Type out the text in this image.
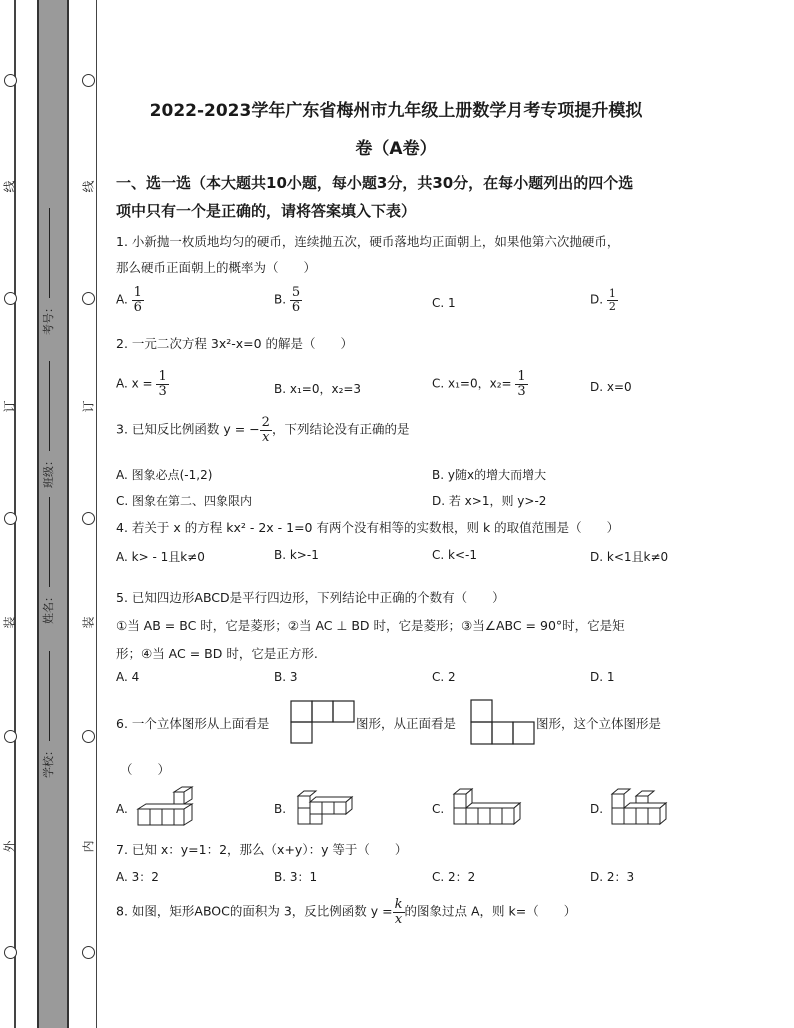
线
订
装
外
线
订
装
内
考号：
班级：
姓名：
学校：
2022-2023学年广东省梅州市九年级上册数学月考专项提升模拟
卷（A卷）
一、选一选（本大题共10小题，每小题3分，共30分，在每小题列出的四个选
项中只有一个是正确的，请将答案填入下表）
1. 小新抛一枚质地均匀的硬币，连续抛五次，硬币落地均正面朝上，如果他第六次抛硬币，
那么硬币正面朝上的概率为（　　）
A. $\frac{1}{6}$	B. $\frac{5}{6}$	C. 1	D. $\frac{1}{2}$
2. 一元二次方程 3x²-x=0 的解是（　　）
A. $x = \frac{1}{3}$	B. x₁=0，x₂=3	C. x₁=0，$x_2= \frac{1}{3}$	D. x=0
3. 已知反比例函数 y = − $\frac{2}{x}$ ，下列结论没有正确的是
A. 图象必点(-1,2)	B. y随x的增大而增大
C. 图象在第二、四象限内	D. 若 x>1，则 y>-2
4. 若关于 x 的方程 kx² - 2x - 1=0 有两个没有相等的实数根，则 k 的取值范围是（　　）
A. k> - 1且k≠0	B. k>-1	C. k<-1	D. k<1且k≠0
5. 已知四边形ABCD是平行四边形，下列结论中正确的个数有（　　）
①当 AB = BC 时，它是菱形；②当 AC ⊥ BD 时，它是菱形；③当∠ABC = 90°时，它是矩
形；④当 AC = BD 时，它是正方形.
A. 4	B. 3	C. 2	D. 1
6. 一个立体图形从上面看是	图形，从正面看是	图形，这个立体图形是
（　　）
A.	B.	C.	D.
7. 已知 x：y=1：2，那么（x+y）：y 等于（　　）
A. 3：2	B. 3：1	C. 2：2	D. 2：3
8. 如图，矩形ABOC的面积为 3，反比例函数 $y = \frac{k}{x}$ 的图象过点 A，则 k=（　　）
